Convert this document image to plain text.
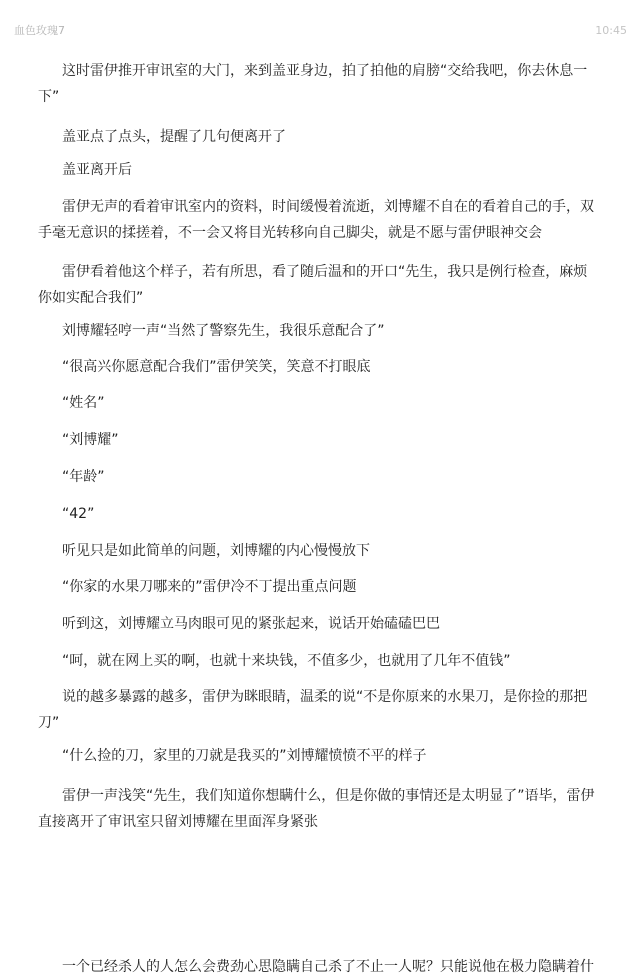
血色玫瑰7	10:45

这时雷伊推开审讯室的大门，来到盖亚身边，拍了拍他的肩膀“交给我吧，你去休息一
下”

盖亚点了点头，提醒了几句便离开了

盖亚离开后

雷伊无声的看着审讯室内的资料，时间缓慢着流逝，刘博耀不自在的看着自己的手，双
手毫无意识的揉搓着，不一会又将目光转移向自己脚尖，就是不愿与雷伊眼神交会

雷伊看着他这个样子，若有所思，看了随后温和的开口“先生，我只是例行检查，麻烦
你如实配合我们”

刘博耀轻哼一声“当然了警察先生，我很乐意配合了”

“很高兴你愿意配合我们”雷伊笑笑，笑意不打眼底

“姓名”

“刘博耀”

“年龄”

“42”

听见只是如此简单的问题，刘博耀的内心慢慢放下

“你家的水果刀哪来的”雷伊冷不丁提出重点问题

听到这，刘博耀立马肉眼可见的紧张起来，说话开始磕磕巴巴

“呵，就在网上买的啊，也就十来块钱，不值多少，也就用了几年不值钱”

说的越多暴露的越多，雷伊为眯眼睛，温柔的说“不是你原来的水果刀，是你捡的那把
刀”

“什么捡的刀，家里的刀就是我买的”刘博耀愤愤不平的样子

雷伊一声浅笑“先生，我们知道你想瞒什么，但是你做的事情还是太明显了”语毕，雷伊
直接离开了审讯室只留刘博耀在里面浑身紧张

一个已经杀人的人怎么会费劲心思隐瞒自己杀了不止一人呢？只能说他在极力隐瞒着什
